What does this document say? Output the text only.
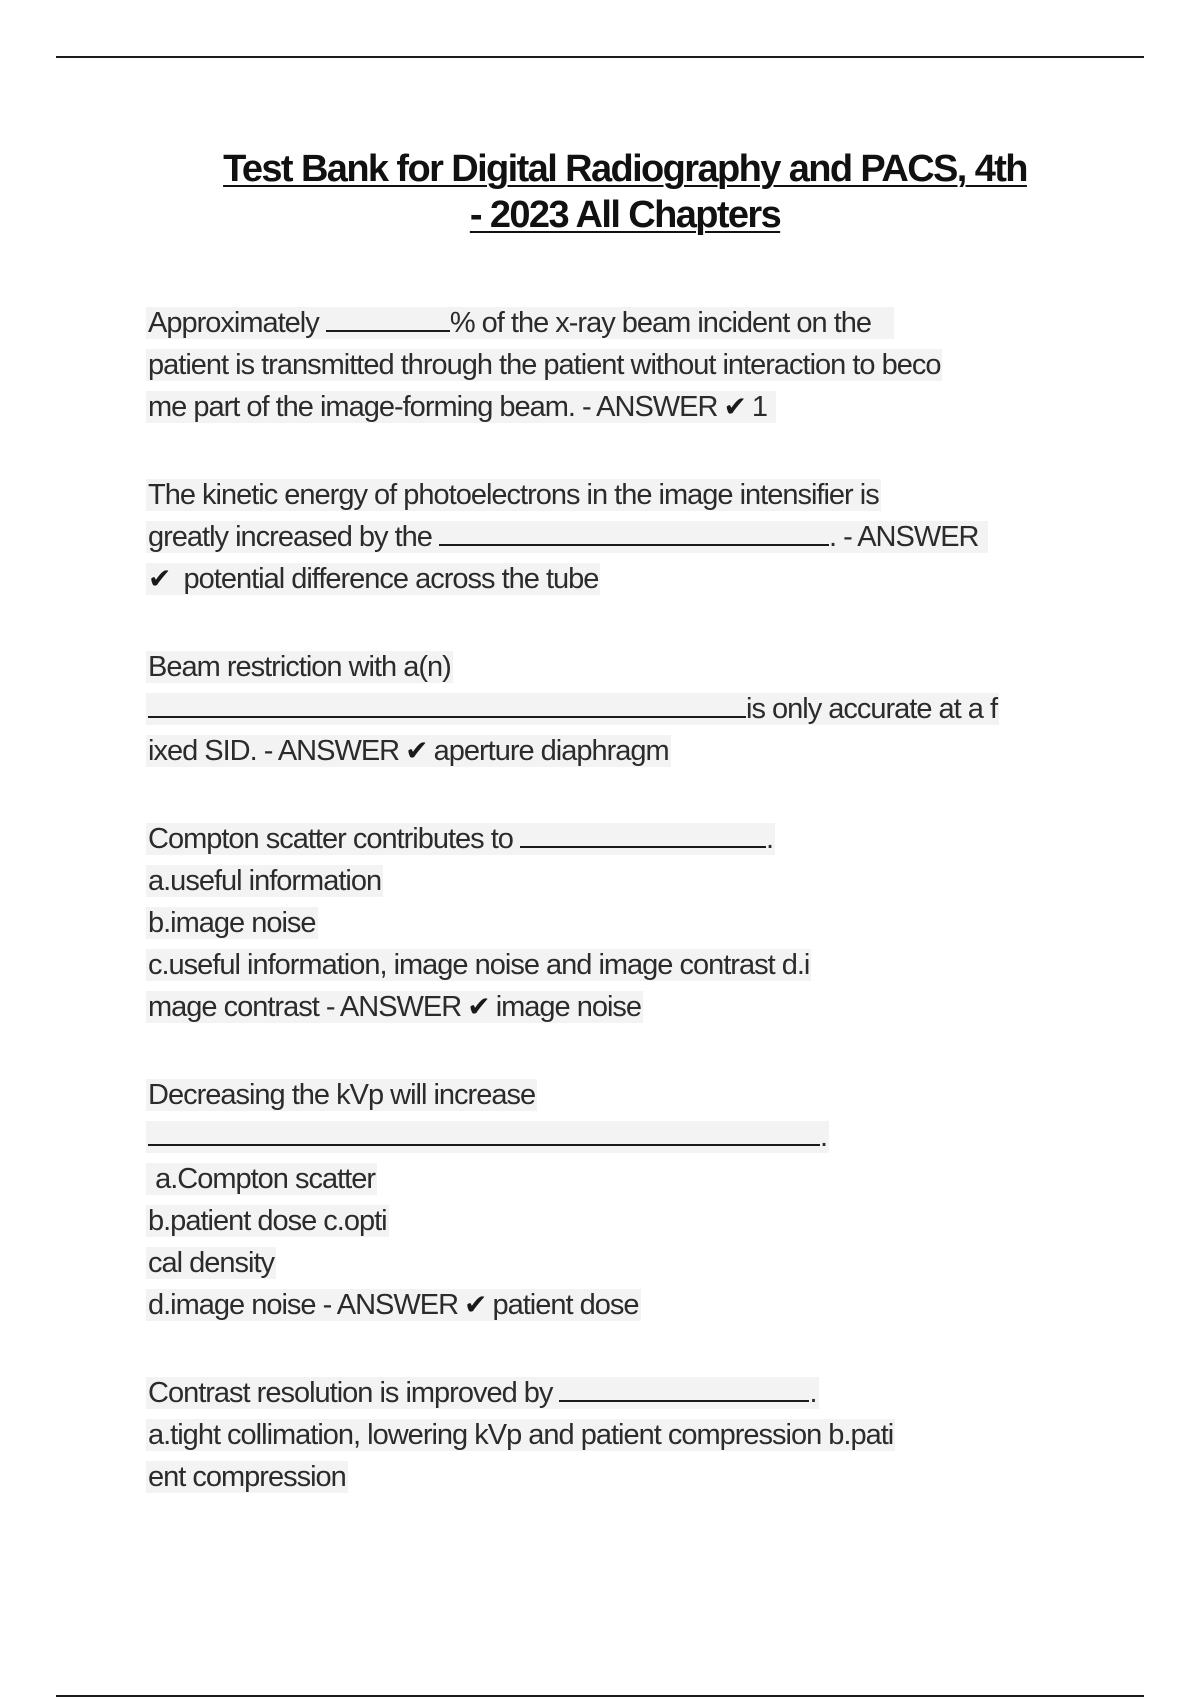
Test Bank for Digital Radiography and PACS, 4th
- 2023 All Chapters
Approximately	% of the x-ray beam incident on the
patient is transmitted through the patient without interaction to beco
me part of the image-forming beam. - ANSWER ✔ 1
The kinetic energy of photoelectrons in the image intensifier is
greatly increased by the	. - ANSWER
✔ potential difference across the tube
Beam restriction with a(n)
is only accurate at a f
ixed SID. - ANSWER ✔ aperture diaphragm
Compton scatter contributes to	.
a.useful information
b.image noise
c.useful information, image noise and image contrast d.i
mage contrast - ANSWER ✔ image noise
Decreasing the kVp will increase
.
a.Compton scatter
b.patient dose c.opti
cal density
d.image noise - ANSWER ✔ patient dose
Contrast resolution is improved by	.
a.tight collimation, lowering kVp and patient compression b.pati
ent compression
